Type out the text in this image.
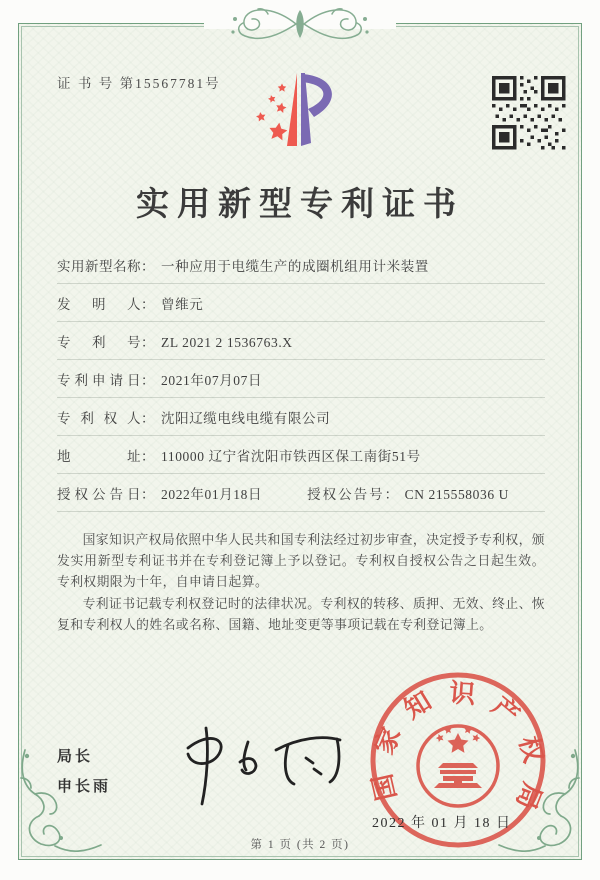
证 书 号 第15567781号
实用新型专利证书
实用新型名称： 一种应用于电缆生产的成圈机组用计米装置
发明人： 曾维元
专利号： ZL 2021 2 1536763.X
专利申请日： 2021年07月07日
专利权人： 沈阳辽缆电线电缆有限公司
地址： 110000 辽宁省沈阳市铁西区保工南街51号
授权公告日： 2022年01月18日	授权公告号： CN 215558036 U

国家知识产权局依照中华人民共和国专利法经过初步审查，决定授予专利权，颁发实用新型专利证书并在专利登记簿上予以登记。专利权自授权公告之日起生效。专利权期限为十年，自申请日起算。

专利证书记载专利权登记时的法律状况。专利权的转移、质押、无效、终止、恢复和专利权人的姓名或名称、国籍、地址变更等事项记载在专利登记簿上。

局长
申长雨	国家知识产权局
2022 年 01 月 18 日
第 1 页 (共 2 页)
